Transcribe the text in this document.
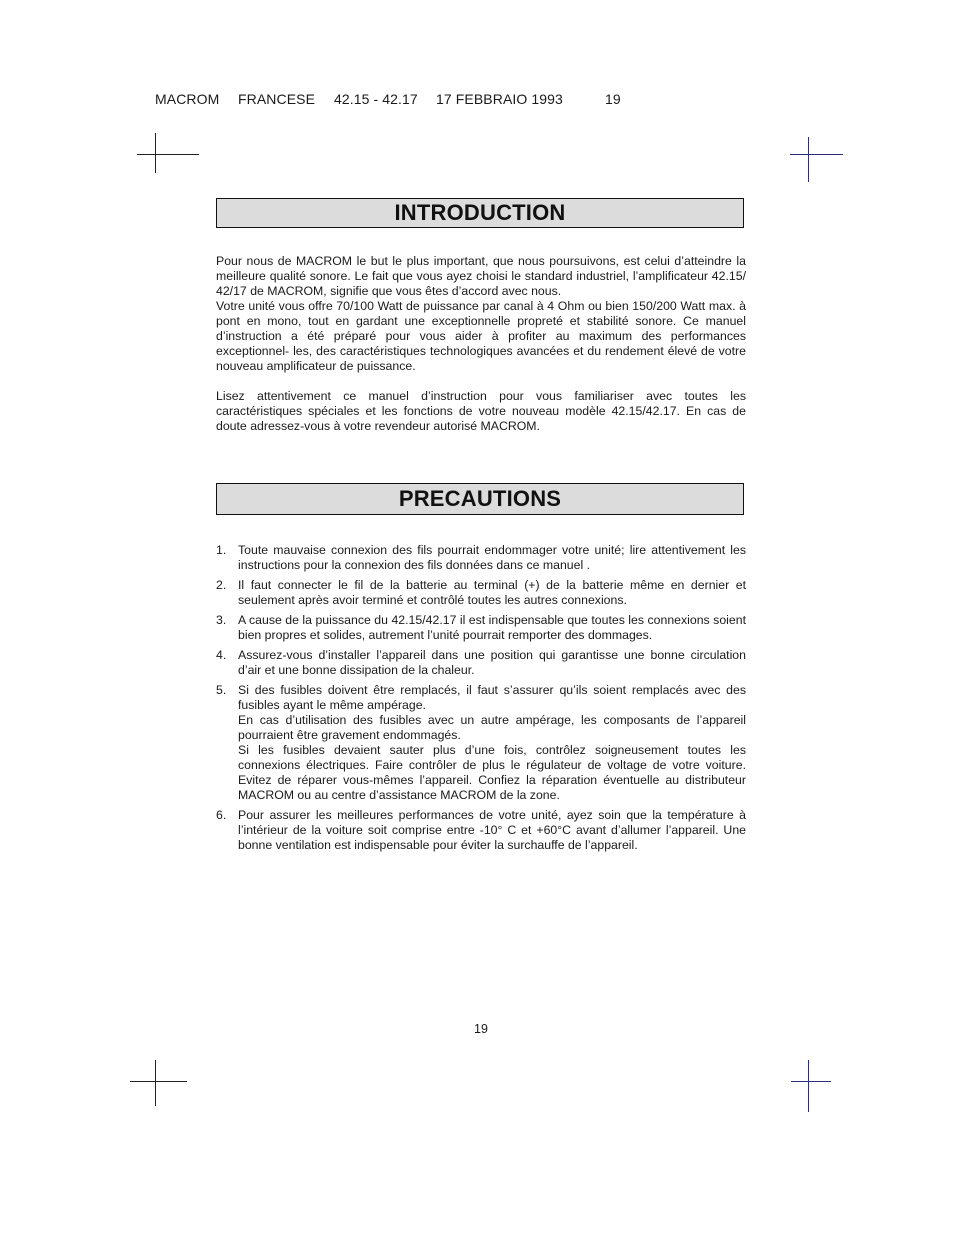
MACROM

FRANCESE

42.15 - 42.17

17 FEBBRAIO 1993

	19

INTRODUCTION

Pour nous de MACROM le but le plus important, que nous poursuivons, est celui d’atteindre la meilleure qualité sonore. Le fait que vous ayez choisi le standard industriel, l’amplificateur 42.15/ 42/17 de MACROM, signifie que vous êtes d’accord avec nous.

Votre unité vous offre 70/100 Watt de puissance par canal à 4 Ohm ou bien 150/200 Watt max. à pont en mono, tout en gardant une exceptionnelle propreté et stabilité sonore. Ce manuel d’instruction a été préparé pour vous aider à profiter au maximum des performances exceptionnel- les, des caractéristiques technologiques avancées et du rendement élevé de votre nouveau amplificateur de puissance.

Lisez attentivement ce manuel d’instruction pour vous familiariser avec toutes les caractéristiques spéciales et les fonctions de votre nouveau modèle 42.15/42.17. En cas de doute adressez-vous à votre revendeur autorisé MACROM.

PRECAUTIONS
1. Toute mauvaise connexion des fils pourrait endommager votre unité; lire attentivement les instructions pour la connexion des fils données dans ce manuel .

2. Il faut connecter le fil de la batterie au terminal (+) de la batterie même en dernier et seulement après avoir terminé et contrôlé toutes les autres connexions.

3. A cause de la puissance du 42.15/42.17 il est indispensable que toutes les connexions soient bien propres et solides, autrement l’unité pourrait remporter des dommages.

4. Assurez-vous d’installer l’appareil dans une position qui garantisse une bonne circulation d’air et une bonne dissipation de la chaleur.

5. Si des fusibles doivent être remplacés, il faut s’assurer qu’ils soient remplacés avec des fusibles ayant le même ampérage.

En cas d’utilisation des fusibles avec un autre ampérage, les composants de l’appareil pourraient être gravement endommagés.

Si les fusibles devaient sauter plus d’une fois, contrôlez soigneusement toutes les connexions électriques. Faire contrôler de plus le régulateur de voltage de votre voiture. Evitez de réparer vous-mêmes l’appareil. Confiez la réparation éventuelle au distributeur MACROM ou au centre d’assistance MACROM de la zone.

6. Pour assurer les meilleures performances de votre unité, ayez soin que la température à l’intérieur de la voiture soit comprise entre -10° C et +60°C avant d’allumer l’appareil. Une bonne ventilation est indispensable pour éviter la surchauffe de l’appareil.

19
